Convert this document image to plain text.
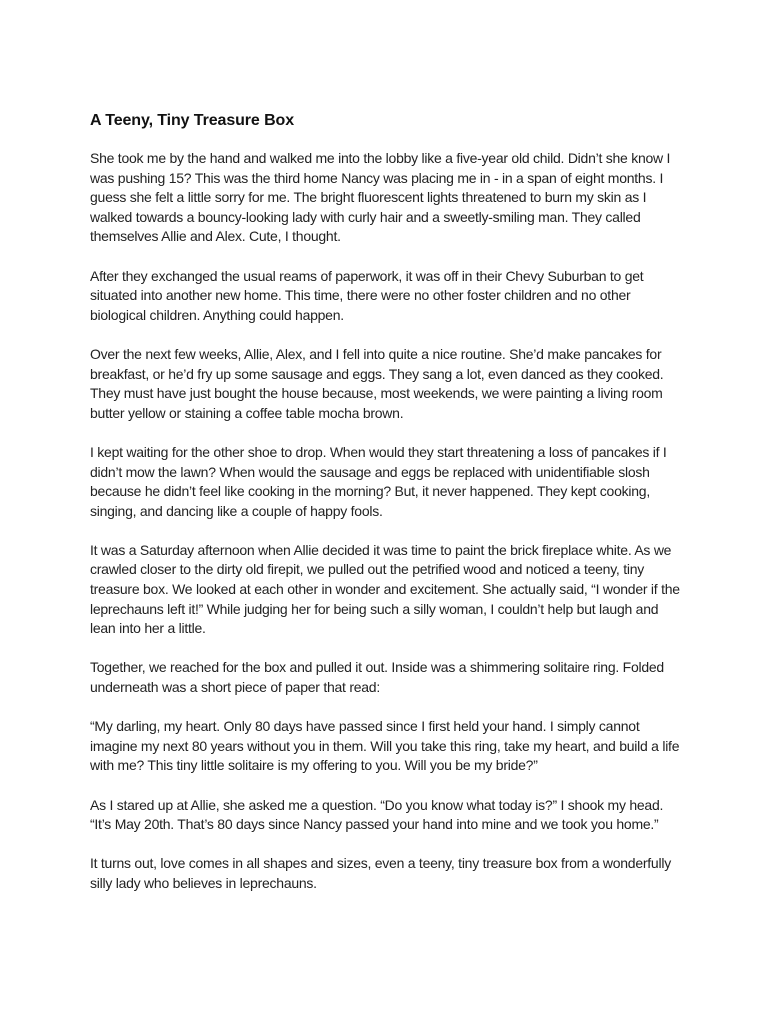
A Teeny, Tiny Treasure Box

She took me by the hand and walked me into the lobby like a five-year old child. Didn’t she know I was pushing 15? This was the third home Nancy was placing me in - in a span of eight months. I guess she felt a little sorry for me. The bright fluorescent lights threatened to burn my skin as I walked towards a bouncy-looking lady with curly hair and a sweetly-smiling man. They called themselves Allie and Alex. Cute, I thought.

After they exchanged the usual reams of paperwork, it was off in their Chevy Suburban to get situated into another new home. This time, there were no other foster children and no other biological children. Anything could happen.

Over the next few weeks, Allie, Alex, and I fell into quite a nice routine. She’d make pancakes for breakfast, or he’d fry up some sausage and eggs. They sang a lot, even danced as they cooked. They must have just bought the house because, most weekends, we were painting a living room butter yellow or staining a coffee table mocha brown.

I kept waiting for the other shoe to drop. When would they start threatening a loss of pancakes if I didn’t mow the lawn? When would the sausage and eggs be replaced with unidentifiable slosh because he didn’t feel like cooking in the morning? But, it never happened. They kept cooking, singing, and dancing like a couple of happy fools.

It was a Saturday afternoon when Allie decided it was time to paint the brick fireplace white. As we crawled closer to the dirty old firepit, we pulled out the petrified wood and noticed a teeny, tiny treasure box. We looked at each other in wonder and excitement. She actually said, “I wonder if the leprechauns left it!” While judging her for being such a silly woman, I couldn’t help but laugh and lean into her a little.

Together, we reached for the box and pulled it out. Inside was a shimmering solitaire ring. Folded underneath was a short piece of paper that read:

“My darling, my heart. Only 80 days have passed since I first held your hand. I simply cannot imagine my next 80 years without you in them. Will you take this ring, take my heart, and build a life with me? This tiny little solitaire is my offering to you. Will you be my bride?”

As I stared up at Allie, she asked me a question. “Do you know what today is?” I shook my head. “It’s May 20th. That’s 80 days since Nancy passed your hand into mine and we took you home.”

It turns out, love comes in all shapes and sizes, even a teeny, tiny treasure box from a wonderfully silly lady who believes in leprechauns.
